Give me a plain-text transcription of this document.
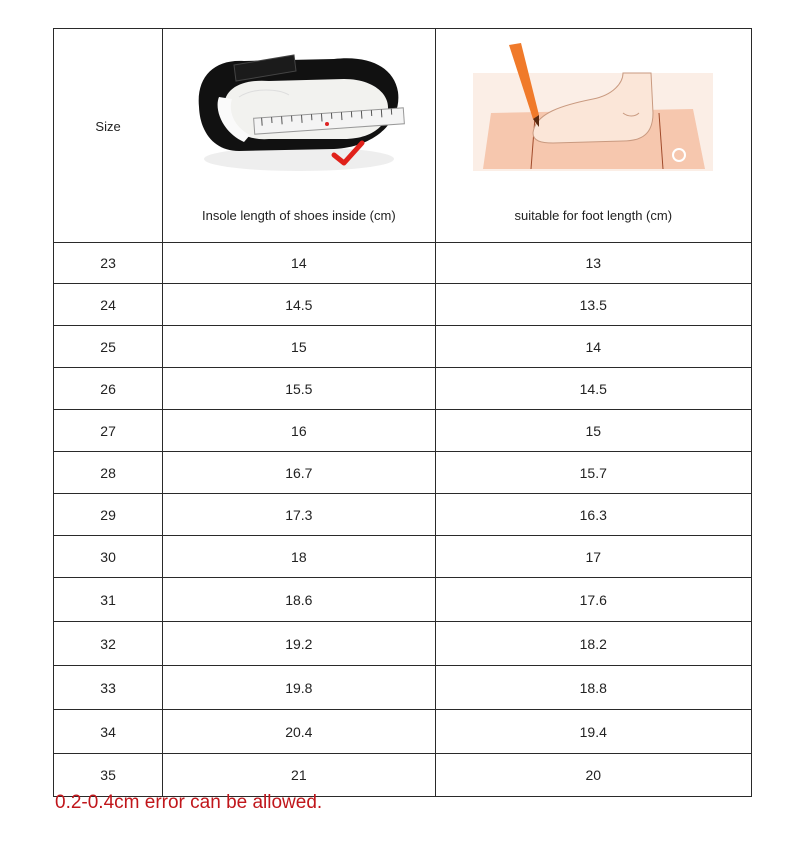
Size	Insole length of shoes inside (cm)	suitable for foot length (cm)

23	14	13
24	14.5	13.5
25	15	14
26	15.5	14.5
27	16	15
28	16.7	15.7
29	17.3	16.3
30	18	17
31	18.6	17.6
32	19.2	18.2
33	19.8	18.8
34	20.4	19.4
35	21	20
0.2-0.4cm error can be allowed.
